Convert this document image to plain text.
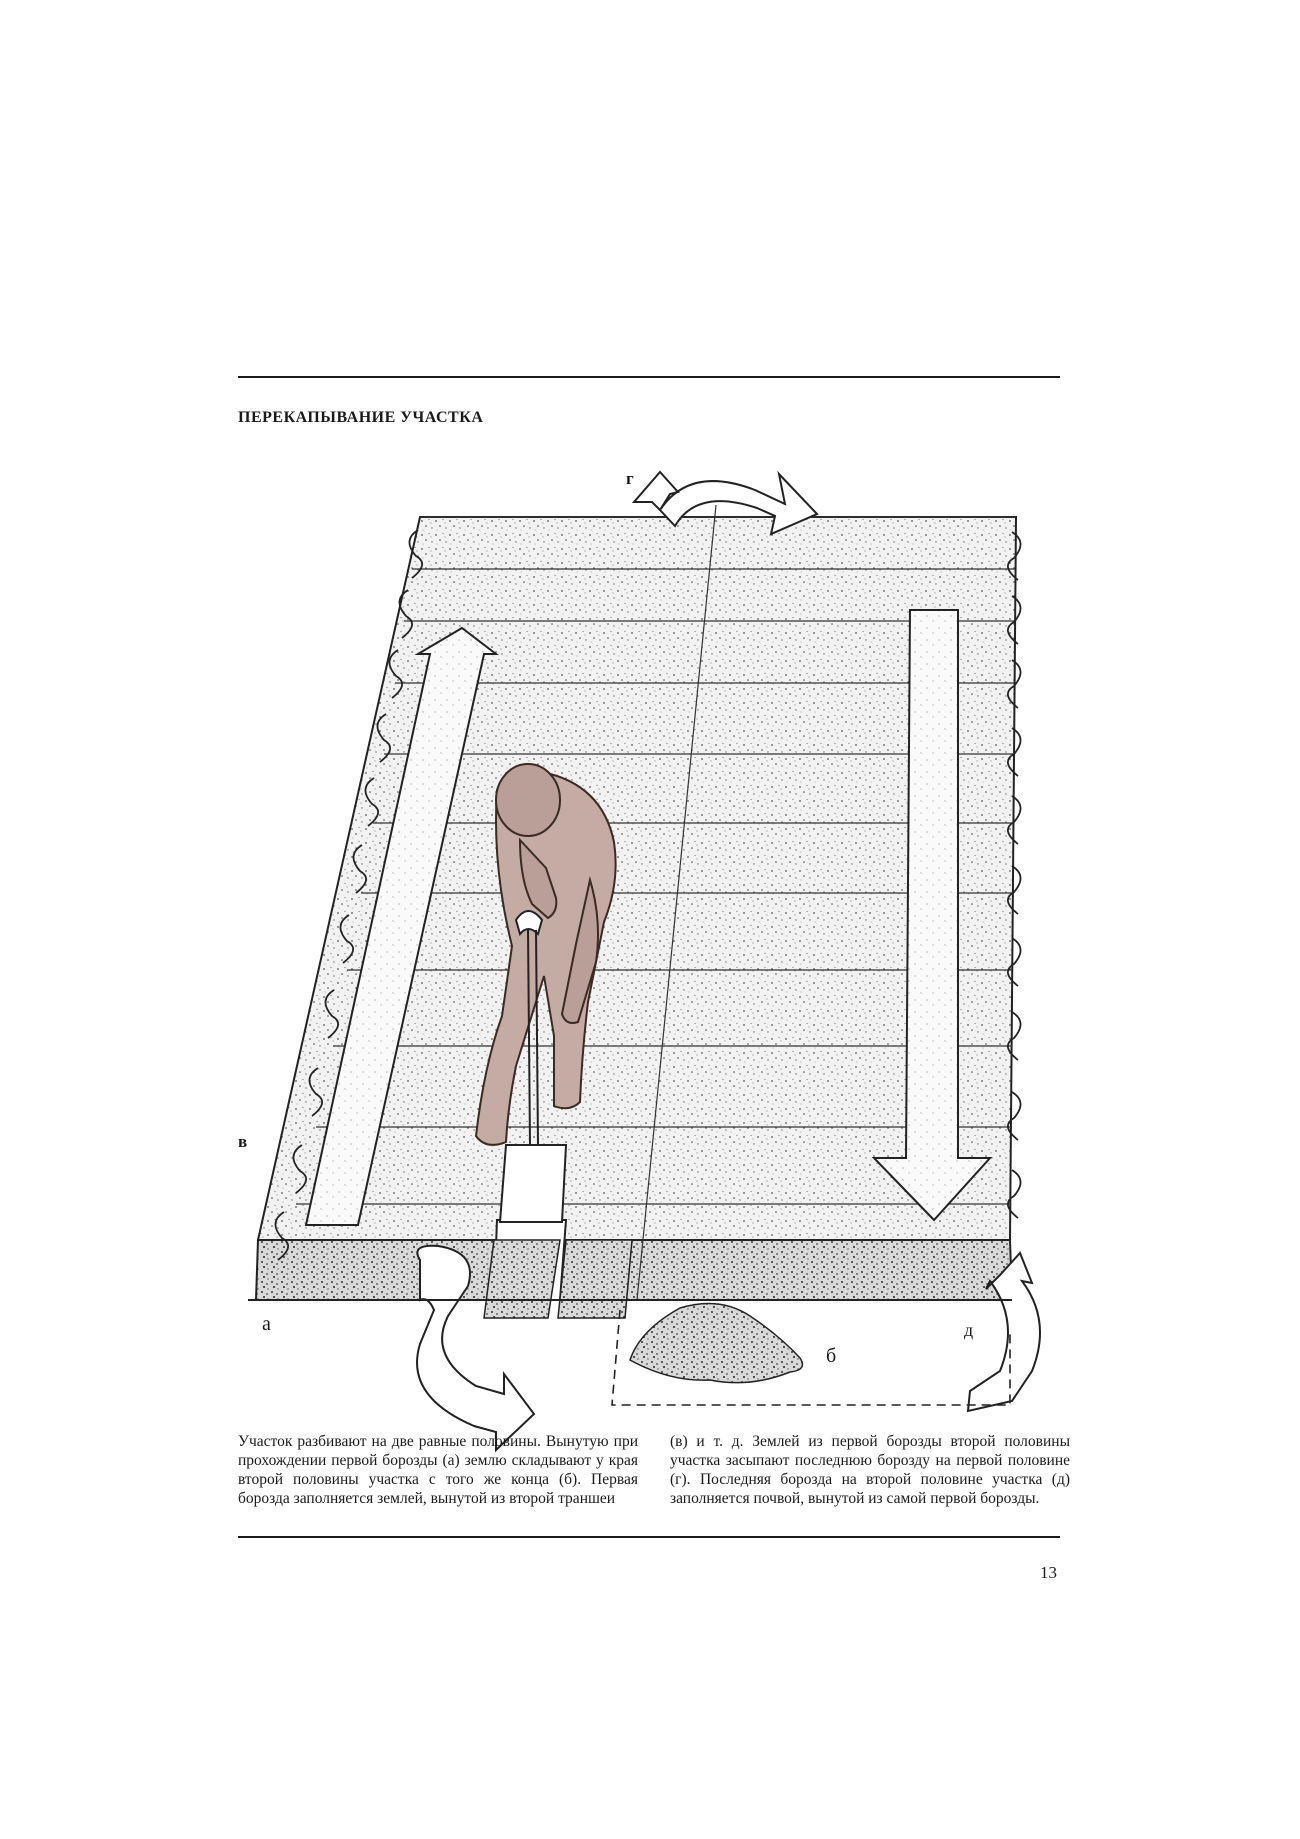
ПЕРЕКАПЫВАНИЕ УЧАСТКА
а
б
в
г
д

Участок разбивают на две равные половины. Вынутую при прохождении первой борозды (а) землю складывают у края второй половины участка с того же конца (б). Первая борозда заполняется землей, вынутой из второй траншеи

(в) и т. д. Землей из первой борозды второй половины участка засыпают последнюю борозду на первой половине (г). Последняя борозда на второй половине участка (д) заполняется почвой, вынутой из самой первой борозды.

13
